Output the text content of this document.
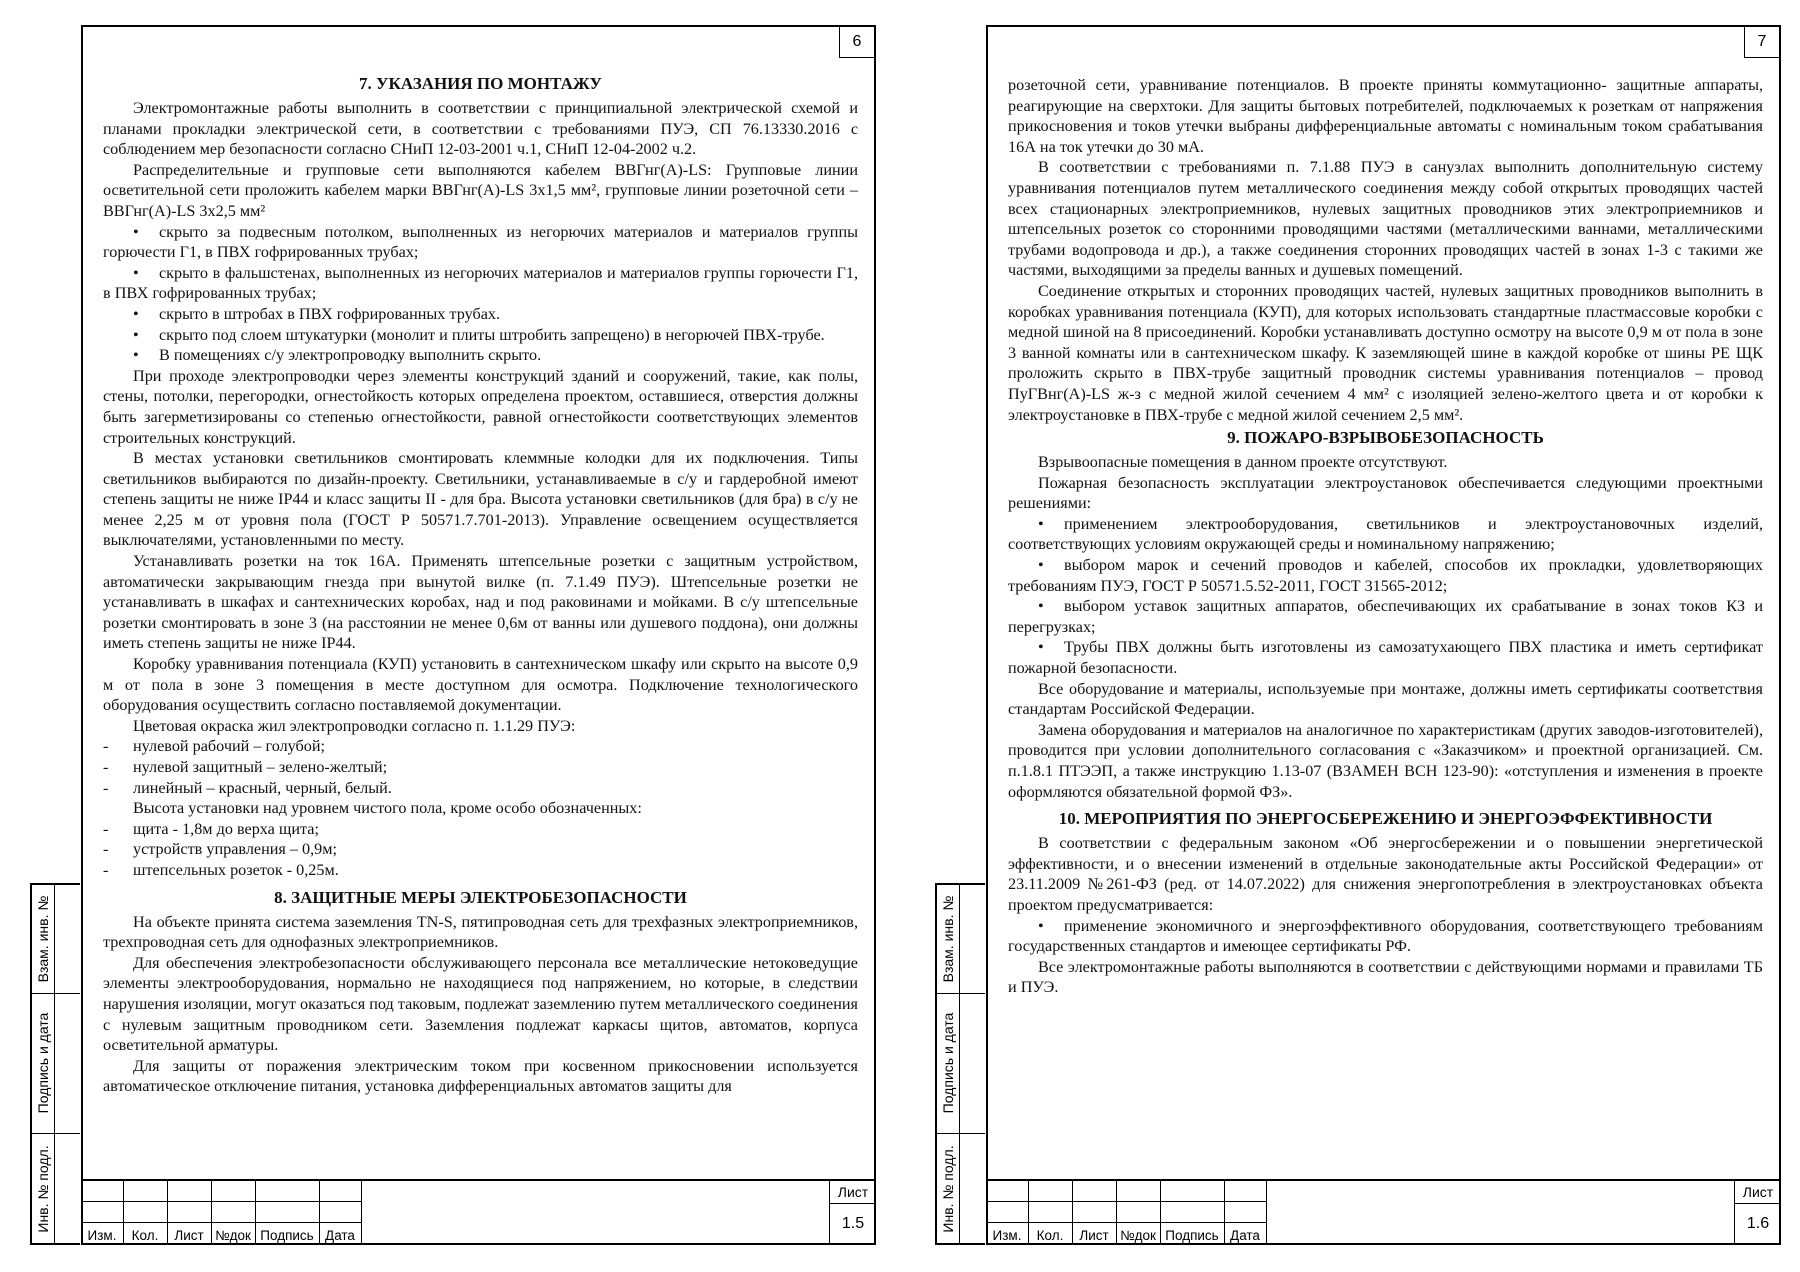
Взам. инв. №
Подпись и дата
Инв. № подл.
6
7. УКАЗАНИЯ ПО МОНТАЖУ

Электромонтажные работы выполнить в соответствии с принципиальной электрической схемой и планами прокладки электрической сети, в соответствии с требованиями ПУЭ, СП 76.13330.2016 с соблюдением мер безопасности согласно СНиП 12-03-2001 ч.1, СНиП 12-04-2002 ч.2.

Распределительные и групповые сети выполняются кабелем ВВГнг(А)-LS: Групповые линии осветительной сети проложить кабелем марки ВВГнг(А)-LS 3х1,5 мм², групповые линии розеточной сети – ВВГнг(А)-LS 3х2,5 мм²

• скрыто за подвесным потолком, выполненных из негорючих материалов и материалов группы горючести Г1, в ПВХ гофрированных трубах;
• скрыто в фальшстенах, выполненных из негорючих материалов и материалов группы горючести Г1, в ПВХ гофрированных трубах;
• скрыто в штробах в ПВХ гофрированных трубах.
• скрыто под слоем штукатурки (монолит и плиты штробить запрещено) в негорючей ПВХ-трубе.
• В помещениях с/у электропроводку выполнить скрыто.

При проходе электропроводки через элементы конструкций зданий и сооружений, такие, как полы, стены, потолки, перегородки, огнестойкость которых определена проектом, оставшиеся, отверстия должны быть загерметизированы со степенью огнестойкости, равной огнестойкости соответствующих элементов строительных конструкций.

В местах установки светильников смонтировать клеммные колодки для их подключения. Типы светильников выбираются по дизайн-проекту. Светильники, устанавливаемые в с/у и гардеробной имеют степень защиты не ниже IP44 и класс защиты II - для бра. Высота установки светильников (для бра) в с/у не менее 2,25 м от уровня пола (ГОСТ Р 50571.7.701-2013). Управление освещением осуществляется выключателями, установленными по месту.

Устанавливать розетки на ток 16А. Применять штепсельные розетки с защитным устройством, автоматически закрывающим гнезда при вынутой вилке (п. 7.1.49 ПУЭ). Штепсельные розетки не устанавливать в шкафах и сантехнических коробах, над и под раковинами и мойками. В с/у штепсельные розетки смонтировать в зоне 3 (на расстоянии не менее 0,6м от ванны или душевого поддона), они должны иметь степень защиты не ниже IP44.

Коробку уравнивания потенциала (КУП) установить в сантехническом шкафу или скрыто на высоте 0,9 м от пола в зоне 3 помещения в месте доступном для осмотра. Подключение технологического оборудования осуществить согласно поставляемой документации.

Цветовая окраска жил электропроводки согласно п. 1.1.29 ПУЭ:

-	нулевой рабочий – голубой;
-	нулевой защитный – зелено-желтый;
-	линейный – красный, черный, белый.

Высота установки над уровнем чистого пола, кроме особо обозначенных:

-	щита - 1,8м до верха щита;
-	устройств управления – 0,9м;
-	штепсельных розеток - 0,25м.
8. ЗАЩИТНЫЕ МЕРЫ ЭЛЕКТРОБЕЗОПАСНОСТИ

На объекте принята система заземления TN-S, пятипроводная сеть для трехфазных электроприемников, трехпроводная сеть для однофазных электроприемников.

Для обеспечения электробезопасности обслуживающего персонала все металлические нетоковедущие элементы электрооборудования, нормально не находящиеся под напряжением, но которые, в следствии нарушения изоляции, могут оказаться под таковым, подлежат заземлению путем металлического соединения с нулевым защитным проводником сети. Заземления подлежат каркасы щитов, автоматов, корпуса осветительной арматуры.

Для защиты от поражения электрическим током при косвенном прикосновении используется автоматическое отключение питания, установка дифференциальных автоматов защиты для

Изм.	Кол.	Лист №док Подпись Дата
Лист
1.5
Взам. инв. №
Подпись и дата
Инв. № подл.
7

розеточной сети, уравнивание потенциалов. В проекте приняты коммутационно- защитные аппараты, реагирующие на сверхтоки. Для защиты бытовых потребителей, подключаемых к розеткам от напряжения прикосновения и токов утечки выбраны дифференциальные автоматы с номинальным током срабатывания 16А на ток утечки до 30 мА.

В соответствии с требованиями п. 7.1.88 ПУЭ в санузлах выполнить дополнительную систему уравнивания потенциалов путем металлического соединения между собой открытых проводящих частей всех стационарных электроприемников, нулевых защитных проводников этих электроприемников и штепсельных розеток со сторонними проводящими частями (металлическими ваннами, металлическими трубами водопровода и др.), а также соединения сторонних проводящих частей в зонах 1-3 с такими же частями, выходящими за пределы ванных и душевых помещений.

Соединение открытых и сторонних проводящих частей, нулевых защитных проводников выполнить в коробках уравнивания потенциала (КУП), для которых использовать стандартные пластмассовые коробки с медной шиной на 8 присоединений. Коробки устанавливать доступно осмотру на высоте 0,9 м от пола в зоне 3 ванной комнаты или в сантехническом шкафу. К заземляющей шине в каждой коробке от шины РЕ ЩК проложить скрыто в ПВХ-трубе защитный проводник системы уравнивания потенциалов – провод ПуГВнг(А)-LS ж-з с медной жилой сечением 4 мм² с изоляцией зелено-желтого цвета и от коробки к электроустановке в ПВХ-трубе с медной жилой сечением 2,5 мм².

9. ПОЖАРО-ВЗРЫВОБЕЗОПАСНОСТЬ

Взрывоопасные помещения в данном проекте отсутствуют.

Пожарная безопасность эксплуатации электроустановок обеспечивается следующими проектными решениями:

• применением электрооборудования, светильников и электроустановочных изделий, соответствующих условиям окружающей среды и номинальному напряжению;
• выбором марок и сечений проводов и кабелей, способов их прокладки, удовлетворяющих требованиям ПУЭ, ГОСТ Р 50571.5.52-2011, ГОСТ 31565-2012;
• выбором уставок защитных аппаратов, обеспечивающих их срабатывание в зонах токов КЗ и перегрузках;
• Трубы ПВХ должны быть изготовлены из самозатухающего ПВХ пластика и иметь сертификат пожарной безопасности.

Все оборудование и материалы, используемые при монтаже, должны иметь сертификаты соответствия стандартам Российской Федерации.

Замена оборудования и материалов на аналогичное по характеристикам (других заводов-изготовителей), проводится при условии дополнительного согласования с «Заказчиком» и проектной организацией. См. п.1.8.1 ПТЭЭП, а также инструкцию 1.13-07 (ВЗАМЕН ВСН 123-90): «отступления и изменения в проекте оформляются обязательной формой ФЗ».

10. МЕРОПРИЯТИЯ ПО ЭНЕРГОСБЕРЕЖЕНИЮ И ЭНЕРГОЭФФЕКТИВНОСТИ

В соответствии с федеральным законом «Об энергосбережении и о повышении энергетической эффективности, и о внесении изменений в отдельные законодательные акты Российской Федерации» от 23.11.2009 №261-ФЗ (ред. от 14.07.2022) для снижения энергопотребления в электроустановках объекта проектом предусматривается:

• применение экономичного и энергоэффективного оборудования, соответствующего требованиям государственных стандартов и имеющее сертификаты РФ.

Все электромонтажные работы выполняются в соответствии с действующими нормами и правилами ТБ и ПУЭ.

Изм.	Кол.	Лист №док Подпись Дата
Лист
1.6
